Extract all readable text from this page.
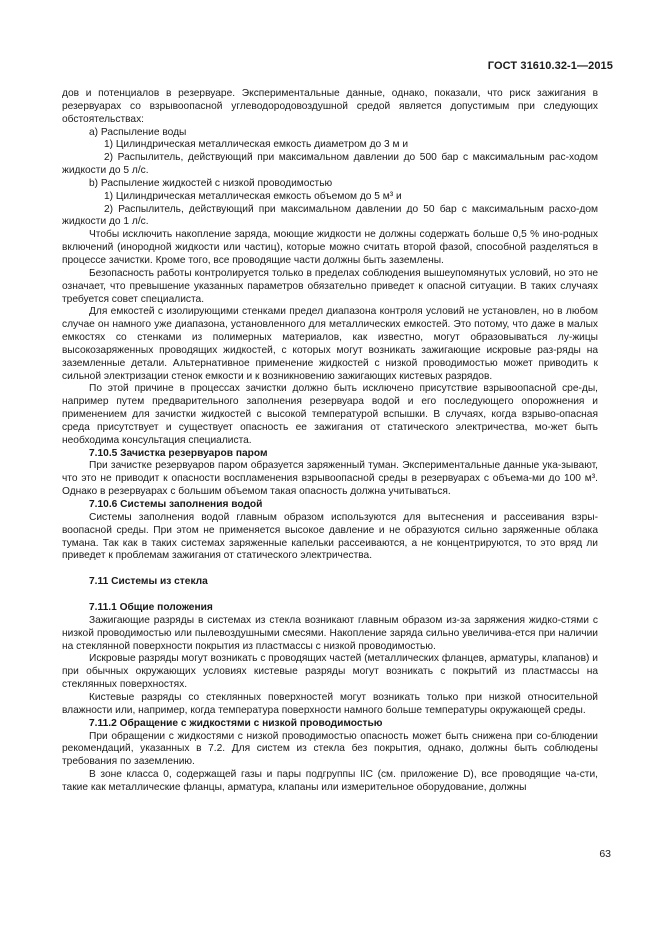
ГОСТ 31610.32-1—2015

дов и потенциалов в резервуаре. Экспериментальные данные, однако, показали, что риск зажигания в резервуарах со взрывоопасной углеводородовоздушной средой является допустимым при следующих обстоятельствах:

а) Распыление воды

1) Цилиндрическая металлическая емкость диаметром до 3 м и

2) Распылитель, действующий при максимальном давлении до 500 бар с максимальным рас-ходом жидкости до 5 л/с.

b) Распыление жидкостей с низкой проводимостью

1) Цилиндрическая металлическая емкость объемом до 5 м³ и

2) Распылитель, действующий при максимальном давлении до 50 бар с максимальным расхо-дом жидкости до 1 л/с.

Чтобы исключить накопление заряда, моющие жидкости не должны содержать больше 0,5 % ино-родных включений (инородной жидкости или частиц), которые можно считать второй фазой, способной разделяться в процессе зачистки. Кроме того, все проводящие части должны быть заземлены.

Безопасность работы контролируется только в пределах соблюдения вышеупомянутых условий, но это не означает, что превышение указанных параметров обязательно приведет к опасной ситуации. В таких случаях требуется совет специалиста.

Для емкостей с изолирующими стенками предел диапазона контроля условий не установлен, но в любом случае он намного уже диапазона, установленного для металлических емкостей. Это потому, что даже в малых емкостях со стенками из полимерных материалов, как известно, могут образовываться лу-жицы высокозаряженных проводящих жидкостей, с которых могут возникать зажигающие искровые раз-ряды на заземленные детали. Альтернативное применение жидкостей с низкой проводимостью может приводить к сильной электризации стенок емкости и к возникновению зажигающих кистевых разрядов.

По этой причине в процессах зачистки должно быть исключено присутствие взрывоопасной сре-ды, например путем предварительного заполнения резервуара водой и его последующего опорожнения и применением для зачистки жидкостей с высокой температурой вспышки. В случаях, когда взрыво-опасная среда присутствует и существует опасность ее зажигания от статического электричества, мо-жет быть необходима консультация специалиста.

7.10.5 Зачистка резервуаров паром

При зачистке резервуаров паром образуется заряженный туман. Экспериментальные данные ука-зывают, что это не приводит к опасности воспламенения взрывоопасной среды в резервуарах с объема-ми до 100 м³. Однако в резервуарах с большим объемом такая опасность должна учитываться.

7.10.6 Системы заполнения водой

Системы заполнения водой главным образом используются для вытеснения и рассеивания взры-воопасной среды. При этом не применяется высокое давление и не образуются сильно заряженные облака тумана. Так как в таких системах заряженные капельки рассеиваются, а не концентрируются, то это вряд ли приведет к проблемам зажигания от статического электричества.

7.11 Системы из стекла

7.11.1 Общие положения

Зажигающие разряды в системах из стекла возникают главным образом из-за заряжения жидко-стями с низкой проводимостью или пылевоздушными смесями. Накопление заряда сильно увеличива-ется при наличии на стеклянной поверхности покрытия из пластмассы с низкой проводимостью.

Искровые разряды могут возникать с проводящих частей (металлических фланцев, арматуры, клапанов) и при обычных окружающих условиях кистевые разряды могут возникать с покрытий из пластмассы на стеклянных поверхностях.

Кистевые разряды со стеклянных поверхностей могут возникать только при низкой относительной влажности или, например, когда температура поверхности намного больше температуры окружающей среды.

7.11.2 Обращение с жидкостями с низкой проводимостью

При обращении с жидкостями с низкой проводимостью опасность может быть снижена при со-блюдении рекомендаций, указанных в 7.2. Для систем из стекла без покрытия, однако, должны быть соблюдены требования по заземлению.

В зоне класса 0, содержащей газы и пары подгруппы IIC (см. приложение D), все проводящие ча-сти, такие как металлические фланцы, арматура, клапаны или измерительное оборудование, должны

63
